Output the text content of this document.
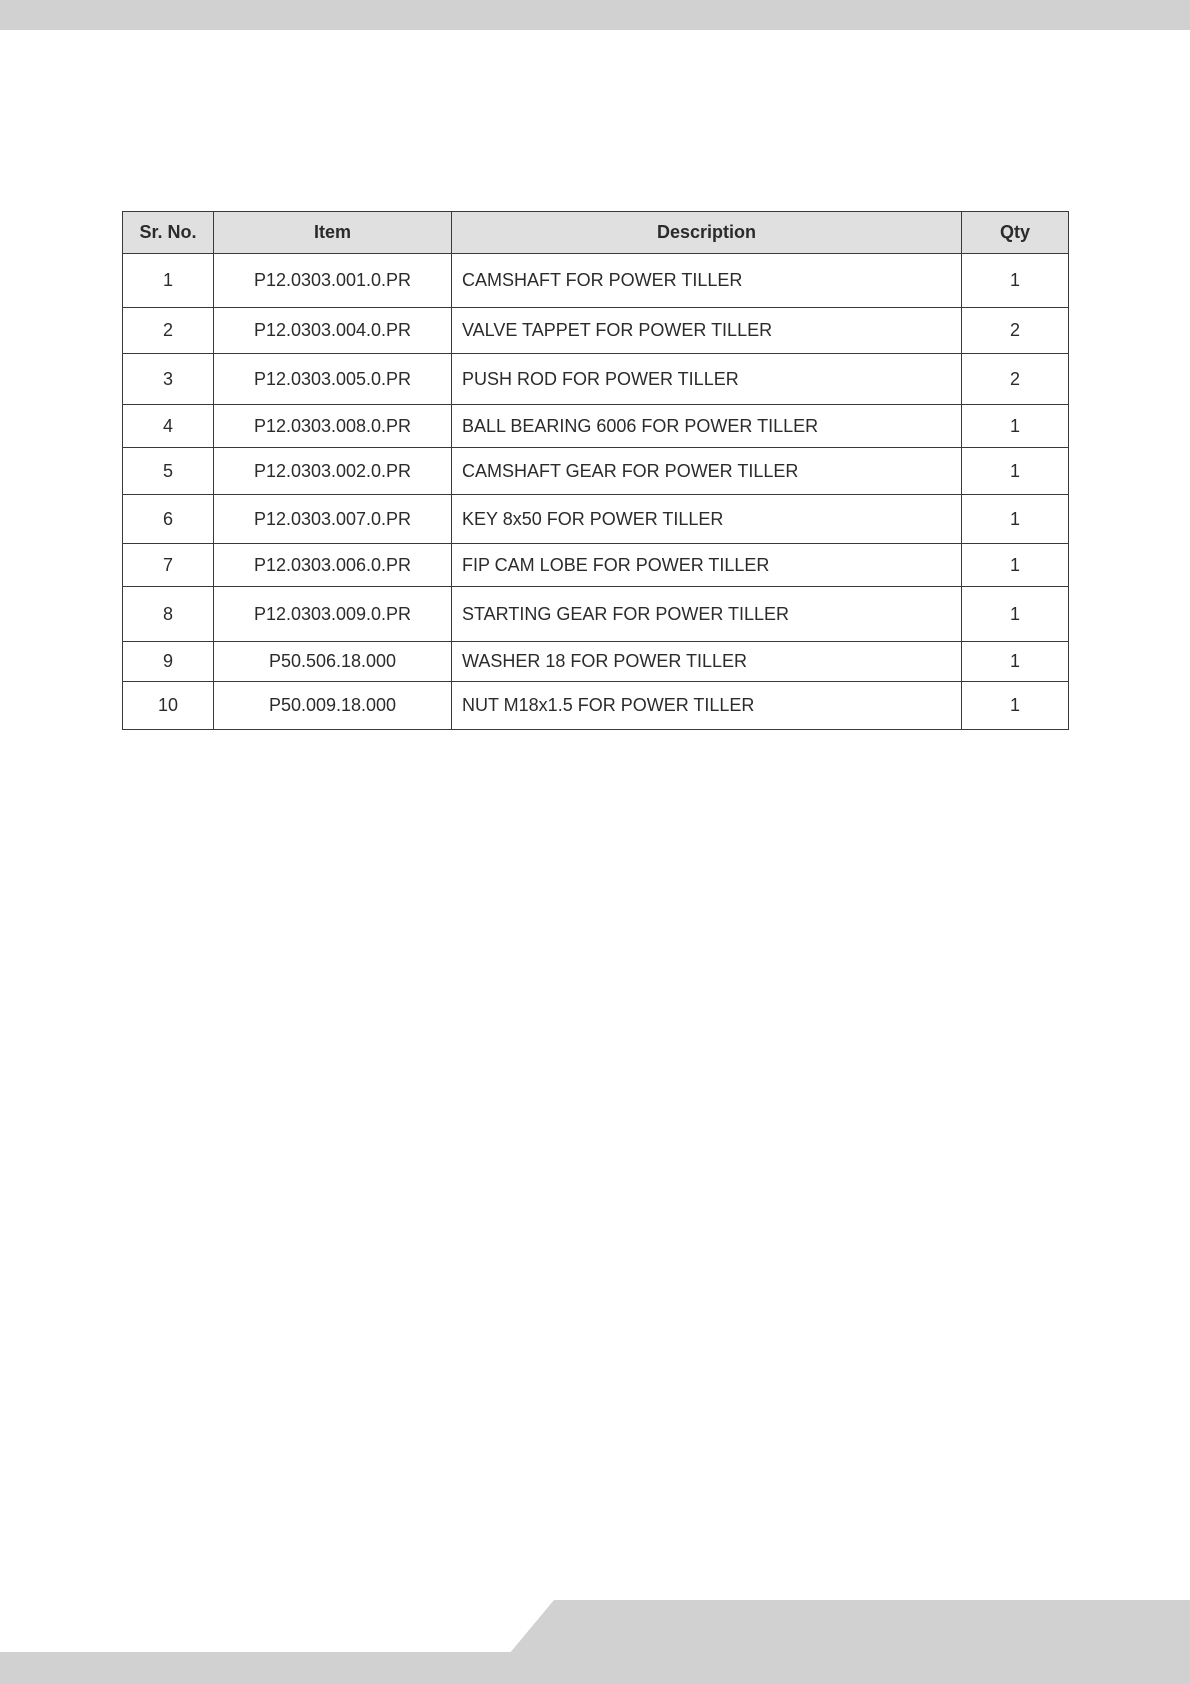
Sr. No.	Item	Description	Qty
1	P12.0303.001.0.PR	CAMSHAFT FOR POWER TILLER	1
2	P12.0303.004.0.PR	VALVE TAPPET FOR POWER TILLER	2
3	P12.0303.005.0.PR	PUSH ROD FOR POWER TILLER	2
4	P12.0303.008.0.PR	BALL BEARING 6006 FOR POWER TILLER	1
5	P12.0303.002.0.PR	CAMSHAFT GEAR FOR POWER TILLER	1
6	P12.0303.007.0.PR	KEY 8x50 FOR POWER TILLER	1
7	P12.0303.006.0.PR	FIP CAM LOBE FOR POWER TILLER	1
8	P12.0303.009.0.PR	STARTING GEAR FOR POWER TILLER	1
9	P50.506.18.000	WASHER 18 FOR POWER TILLER	1
10	P50.009.18.000	NUT M18x1.5 FOR POWER TILLER	1
